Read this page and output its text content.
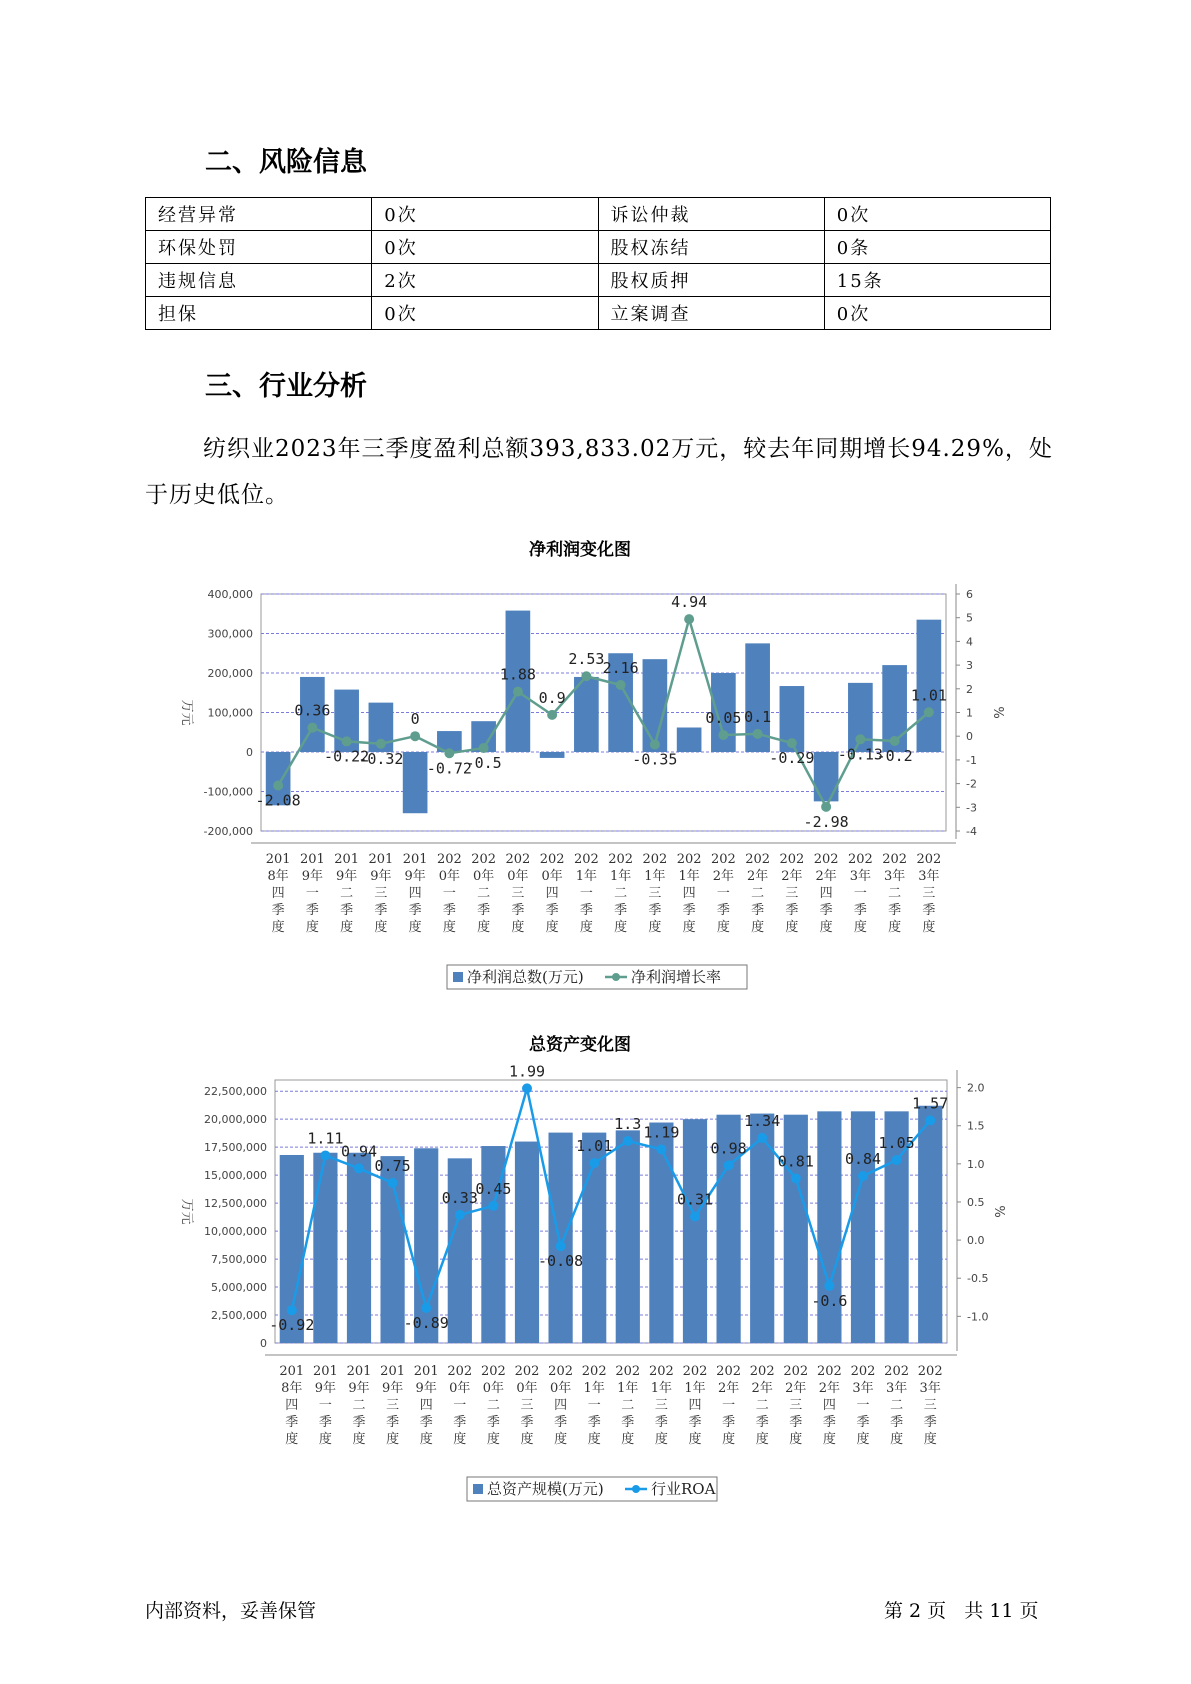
二、风险信息
经营异常	0次	诉讼仲裁	0次
环保处罚	0次	股权冻结	0条
违规信息	2次	股权质押	15条
担保	0次	立案调查	0次
三、行业分析

纺织业2023年三季度盈利总额393,833.02万元，较去年同期增长94.29%，处于历史低位。

净利润变化图
400,000
300,000
200,000
100,000
0
-100,000
-200,000
6
5
4
3
2
1
0
-1
-2
-3
-4
万元	%
-2.08
0.36
-0.22
-0.32
0
-0.72
-0.5
1.88
0.9
2.53
2.16
-0.35
4.94
0.05 0.1
-0.29
-2.98
-0.13
-0.2
1.01
201 8年四季度
201 9年一季度
201 9年二季度
201 9年三季度
201 9年四季度
202 0年一季度
202 0年二季度
202 0年三季度
202 0年四季度
202 1年一季度
202 1年二季度
202 1年三季度
202 1年四季度
202 2年一季度
202 2年二季度
202 2年三季度
202 2年四季度
202 3年一季度
202 3年二季度
202 3年三季度
净利润总数(万元)	净利润增长率
总资产变化图
22,500,000
20,000,000
17,500,000
15,000,000
12,500,000
10,000,000
7,500,000
5,000,000
2,500,000
0
2.0
1.5
1.0
0.5
0.0
-0.5
-1.0
万元	%
-0.92
1.11
0.94
0.75
-0.89
0.33
0.45
1.99
-0.08
1.01
1.3 1.19
0.31
0.98
1.34
0.81
-0.6
0.84
1.05
1.57
201 8年四季度
201 9年一季度
201 9年二季度
201 9年三季度
201 9年四季度
202 0年一季度
202 0年二季度
202 0年三季度
202 0年四季度
202 1年一季度
202 1年二季度
202 1年三季度
202 1年四季度
202 2年一季度
202 2年二季度
202 2年三季度
202 2年四季度
202 3年一季度
202 3年二季度
202 3年三季度
总资产规模(万元)	行业ROA
内部资料，妥善保管	第 2 页   共 11 页
